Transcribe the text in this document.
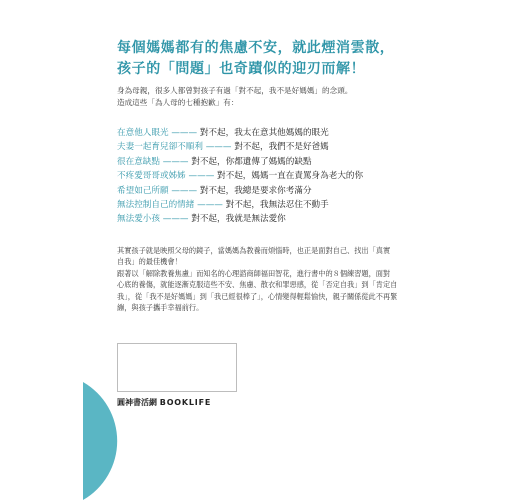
每個媽媽都有的焦慮不安，就此煙消雲散，
孩子的「問題」也奇蹟似的迎刃而解！
身為母親，很多人都曾對孩子有過「對不起，我不是好媽媽」的念頭。
造成這些「為人母的七種抱歉」有：
在意他人眼光 ——— 對不起，我太在意其他媽媽的眼光
夫妻一起育兒卻不順利 ——— 對不起，我們不是好爸媽
很在意缺點 ——— 對不起，你都遺傳了媽媽的缺點
不疼愛哥哥或姊姊 ——— 對不起，媽媽一直在責罵身為老大的你
希望如己所願 ——— 對不起，我總是要求你考滿分
無法控制自己的情緒 ——— 對不起，我無法忍住不動手
無法愛小孩 ——— 對不起，我就是無法愛你
其實孩子就是映照父母的鏡子，當媽媽為教養而煩惱時，也正是面對自己、找出「真實
自我」的最佳機會！
跟著以「解除教養焦慮」而知名的心理諮商師福田智花，進行書中的８個練習題，面對
心底的養傷，就能逐漸克服這些不安、焦慮、散衣和罪惡感，從「否定自我」到「肯定自
我」，從「我不是好媽媽」到「我已經很棒了」，心情變得輕鬆愉快，親子關係從此不再緊
繃，與孩子攜手幸福前行。
圓神書活網 BOOKLIFE
